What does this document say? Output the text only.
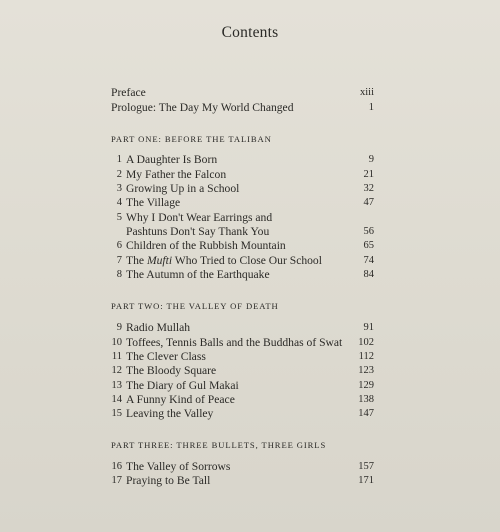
Contents
Preface	xiii
Prologue: The Day My World Changed	1
PART ONE: BEFORE THE TALIBAN
1 A Daughter Is Born	9
2 My Father the Falcon	21
3 Growing Up in a School	32
4 The Village	47
5 Why I Don't Wear Earrings and
Pashtuns Don't Say Thank You	56
6 Children of the Rubbish Mountain	65
7 The Mufti Who Tried to Close Our School	74
8 The Autumn of the Earthquake	84
PART TWO: THE VALLEY OF DEATH
9 Radio Mullah	91
10 Toffees, Tennis Balls and the Buddhas of Swat 102
11 The Clever Class	112
12 The Bloody Square	123
13 The Diary of Gul Makai	129
14 A Funny Kind of Peace	138
15 Leaving the Valley	147
PART THREE: THREE BULLETS, THREE GIRLS
16 The Valley of Sorrows	157
17 Praying to Be Tall	171
